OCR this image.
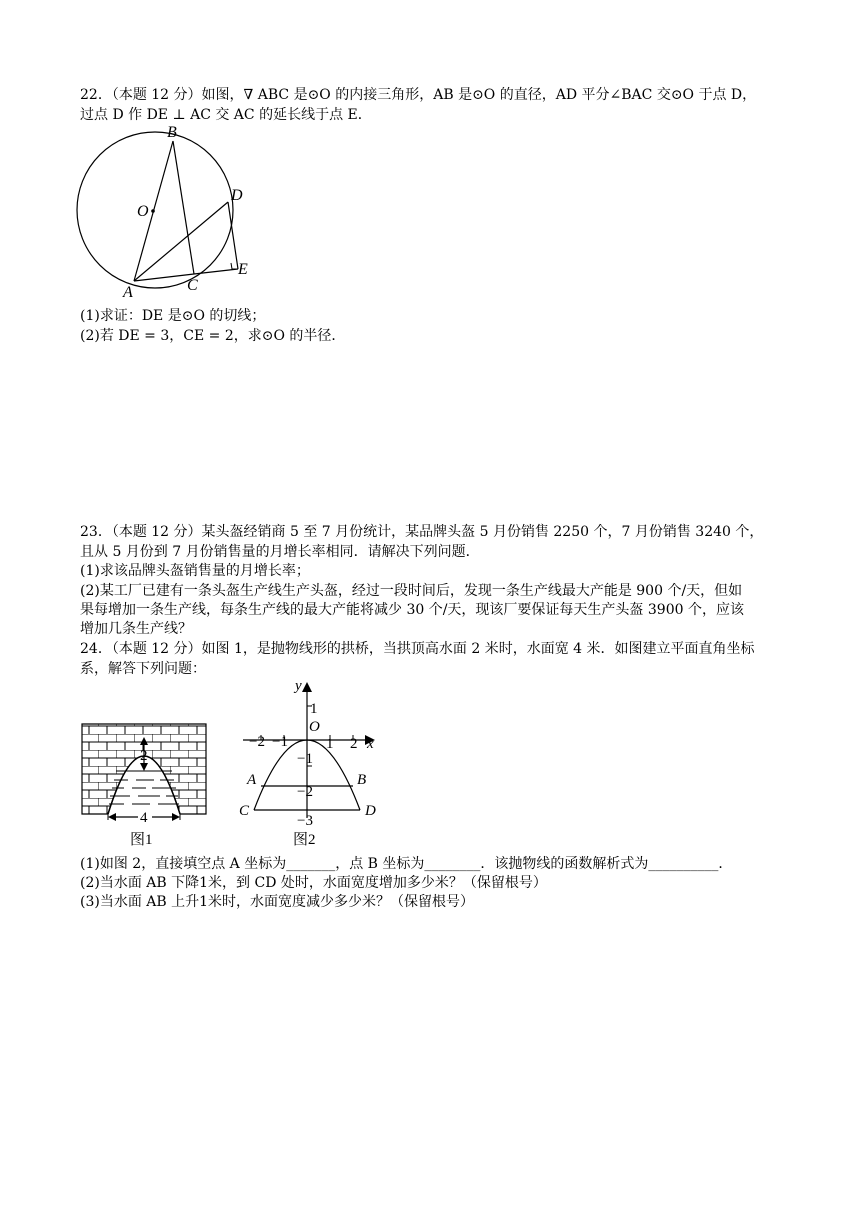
22．（本题 12 分）如图，∇ ABC 是⊙O 的内接三角形，AB 是⊙O 的直径，AD 平分∠BAC 交⊙O 于点 D，
过点 D 作 DE ⊥ AC 交 AC 的延长线于点 E．
B
O
D
E
A	C
(1)求证：DE 是⊙O 的切线；
(2)若 DE = 3，CE = 2，求⊙O 的半径．
23．（本题 12 分）某头盔经销商 5 至 7 月份统计，某品牌头盔 5 月份销售 2250 个，7 月份销售 3240 个，
且从 5 月份到 7 月份销售量的月增长率相同．请解决下列问题．
(1)求该品牌头盔销售量的月增长率；
(2)某工厂已建有一条头盔生产线生产头盔，经过一段时间后，发现一条生产线最大产能是 900 个/天，但如
果每增加一条生产线，每条生产线的最大产能将减少 30 个/天，现该厂要保证每天生产头盔 3900 个，应该
增加几条生产线？
24．（本题 12 分）如图 1，是抛物线形的拱桥，当拱顶高水面 2 米时，水面宽 4 米．如图建立平面直角坐标
系，解答下列问题：
2
4
图1
y
x
O
1
−1
−2
−3
−2 −1	1 2
A	B
C	D
图2
(1)如图 2，直接填空点 A 坐标为_______，点 B 坐标为________．该抛物线的函数解析式为__________．
(2)当水面 AB 下降1米，到 CD 处时，水面宽度增加多少米？（保留根号）
(3)当水面 AB 上升1米时，水面宽度减少多少米？（保留根号）
